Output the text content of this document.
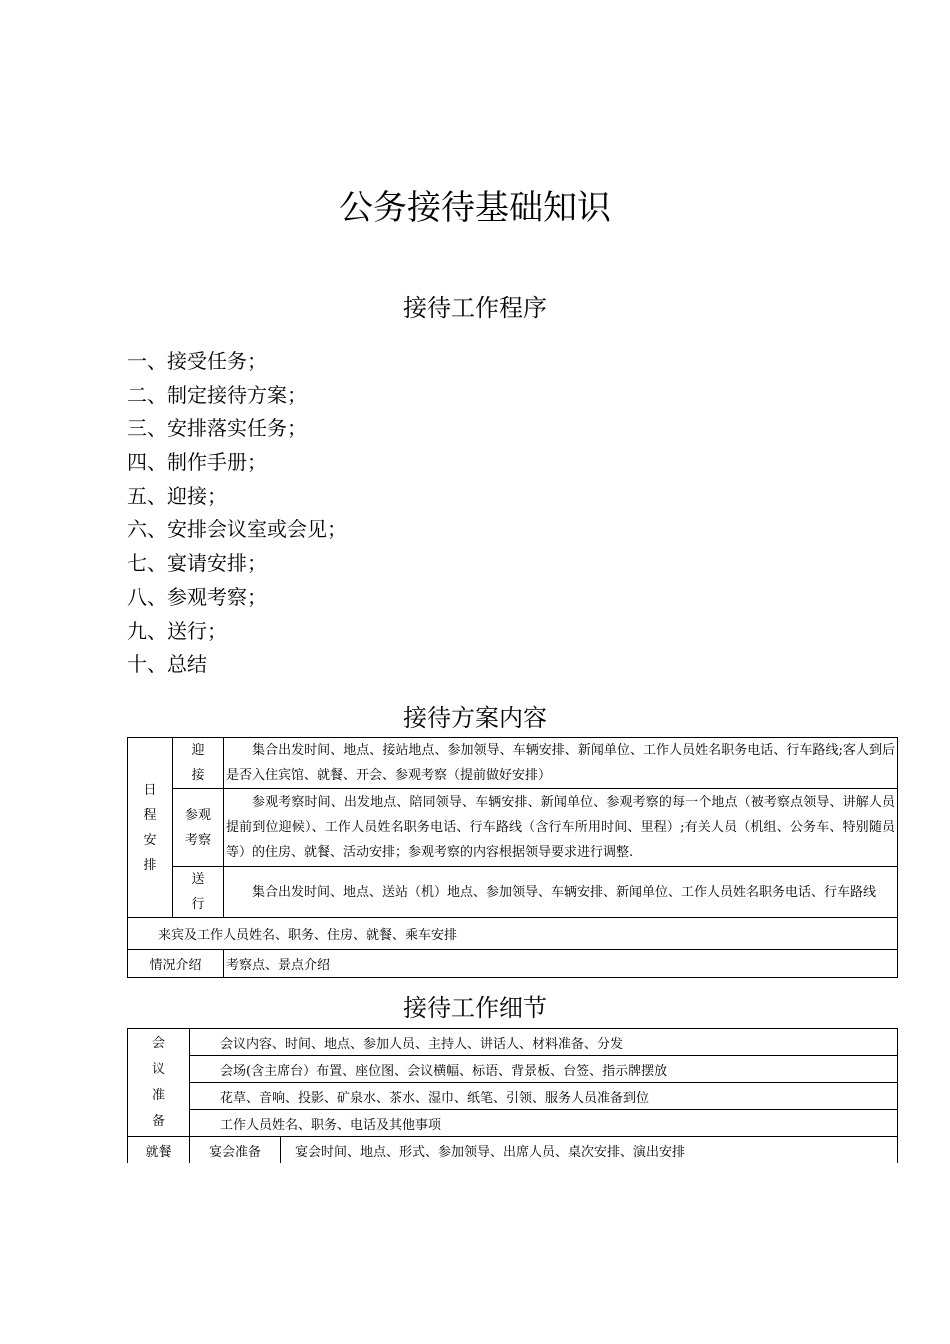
公务接待基础知识
接待工作程序
一、接受任务；
二、制定接待方案；
三、安排落实任务；
四、制作手册；
五、迎接；
六、安排会议室或会见；
七、宴请安排；
八、参观考察；
九、送行；
十、总结
接待方案内容
日程安排	迎接	集合出发时间、地点、接站地点、参加领导、车辆安排、新闻单位、工作人员姓名职务电话、行车路线;客人到后是否入住宾馆、就餐、开会、参观考察（提前做好安排）
	参观考察	参观考察时间、出发地点、陪同领导、车辆安排、新闻单位、参观考察的每一个地点（被考察点领导、讲解人员提前到位迎候）、工作人员姓名职务电话、行车路线（含行车所用时间、里程）;有关人员（机组、公务车、特别随员等）的住房、就餐、活动安排；参观考察的内容根据领导要求进行调整.
	送行	集合出发时间、地点、送站（机）地点、参加领导、车辆安排、新闻单位、工作人员姓名职务电话、行车路线
来宾及工作人员姓名、职务、住房、就餐、乘车安排		
情况介绍		考察点、景点介绍
接待工作细节
会议准备	会议内容、时间、地点、参加人员、主持人、讲话人、材料准备、分发	
	会场(含主席台）布置、座位图、会议横幅、标语、背景板、台签、指示牌摆放	
	花草、音响、投影、矿泉水、茶水、湿巾、纸笔、引领、服务人员准备到位	
	工作人员姓名、职务、电话及其他事项	
就餐	宴会准备	宴会时间、地点、形式、参加领导、出席人员、桌次安排、演出安排
